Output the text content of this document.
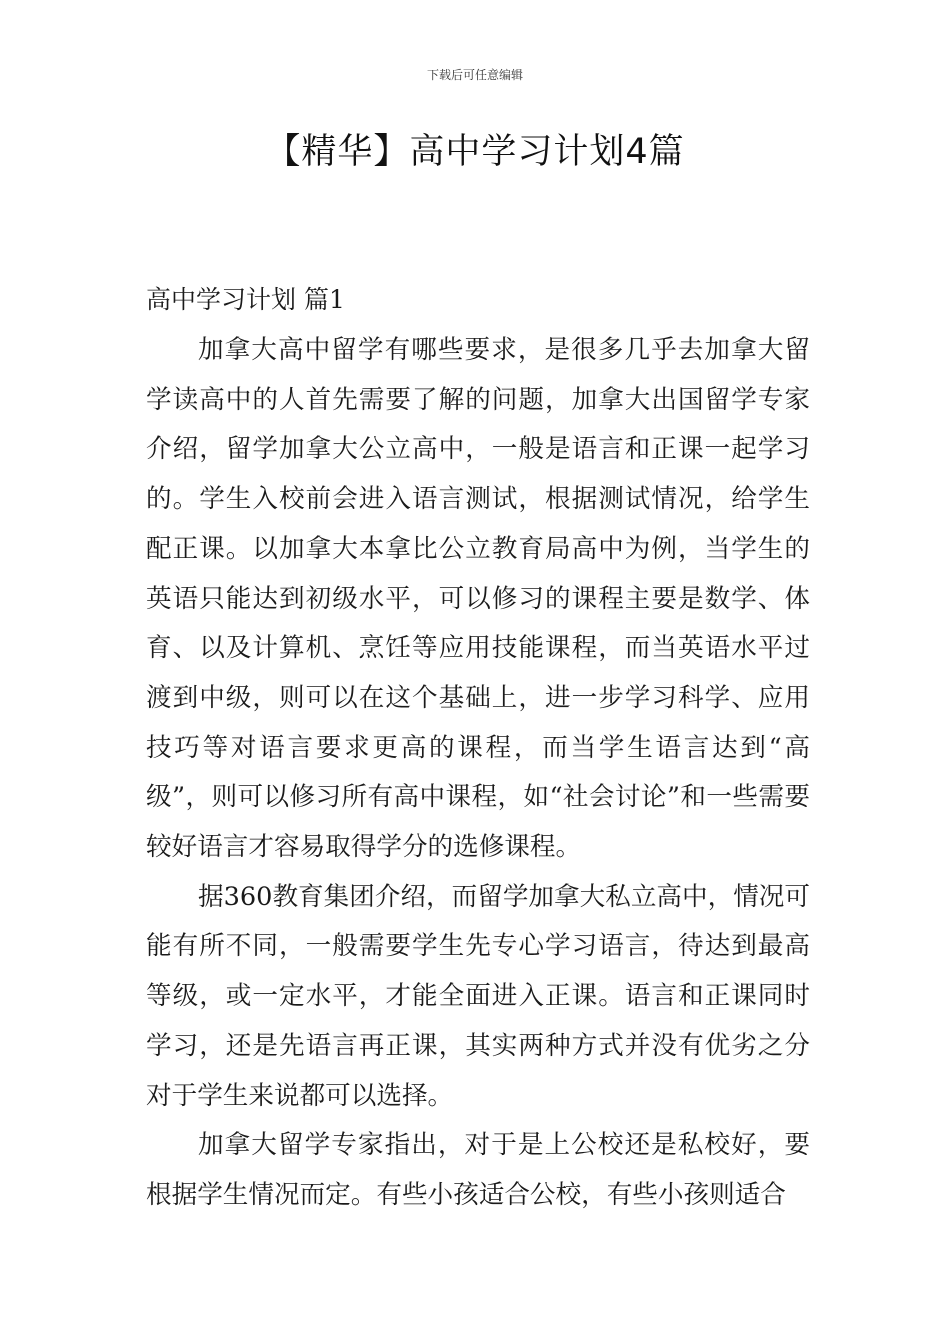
下载后可任意编辑
【精华】高中学习计划4篇
高中学习计划 篇1

加拿大高中留学有哪些要求，是很多几乎去加拿大留学读高中的人首先需要了解的问题，加拿大出国留学专家介绍，留学加拿大公立高中，一般是语言和正课一起学习的。学生入校前会进入语言测试，根据测试情况，给学生配正课。以加拿大本拿比公立教育局高中为例，当学生的英语只能达到初级水平，可以修习的课程主要是数学、体育、以及计算机、烹饪等应用技能课程，而当英语水平过渡到中级，则可以在这个基础上，进一步学习科学、应用技巧等对语言要求更高的课程，而当学生语言达到“高级”，则可以修习所有高中课程，如“社会讨论”和一些需要较好语言才容易取得学分的选修课程。

据360教育集团介绍，而留学加拿大私立高中，情况可能有所不同，一般需要学生先专心学习语言，待达到最高等级，或一定水平，才能全面进入正课。语言和正课同时学习，还是先语言再正课，其实两种方式并没有优劣之分对于学生来说都可以选择。

加拿大留学专家指出，对于是上公校还是私校好，要根据学生情况而定。有些小孩适合公校，有些小孩则适合
